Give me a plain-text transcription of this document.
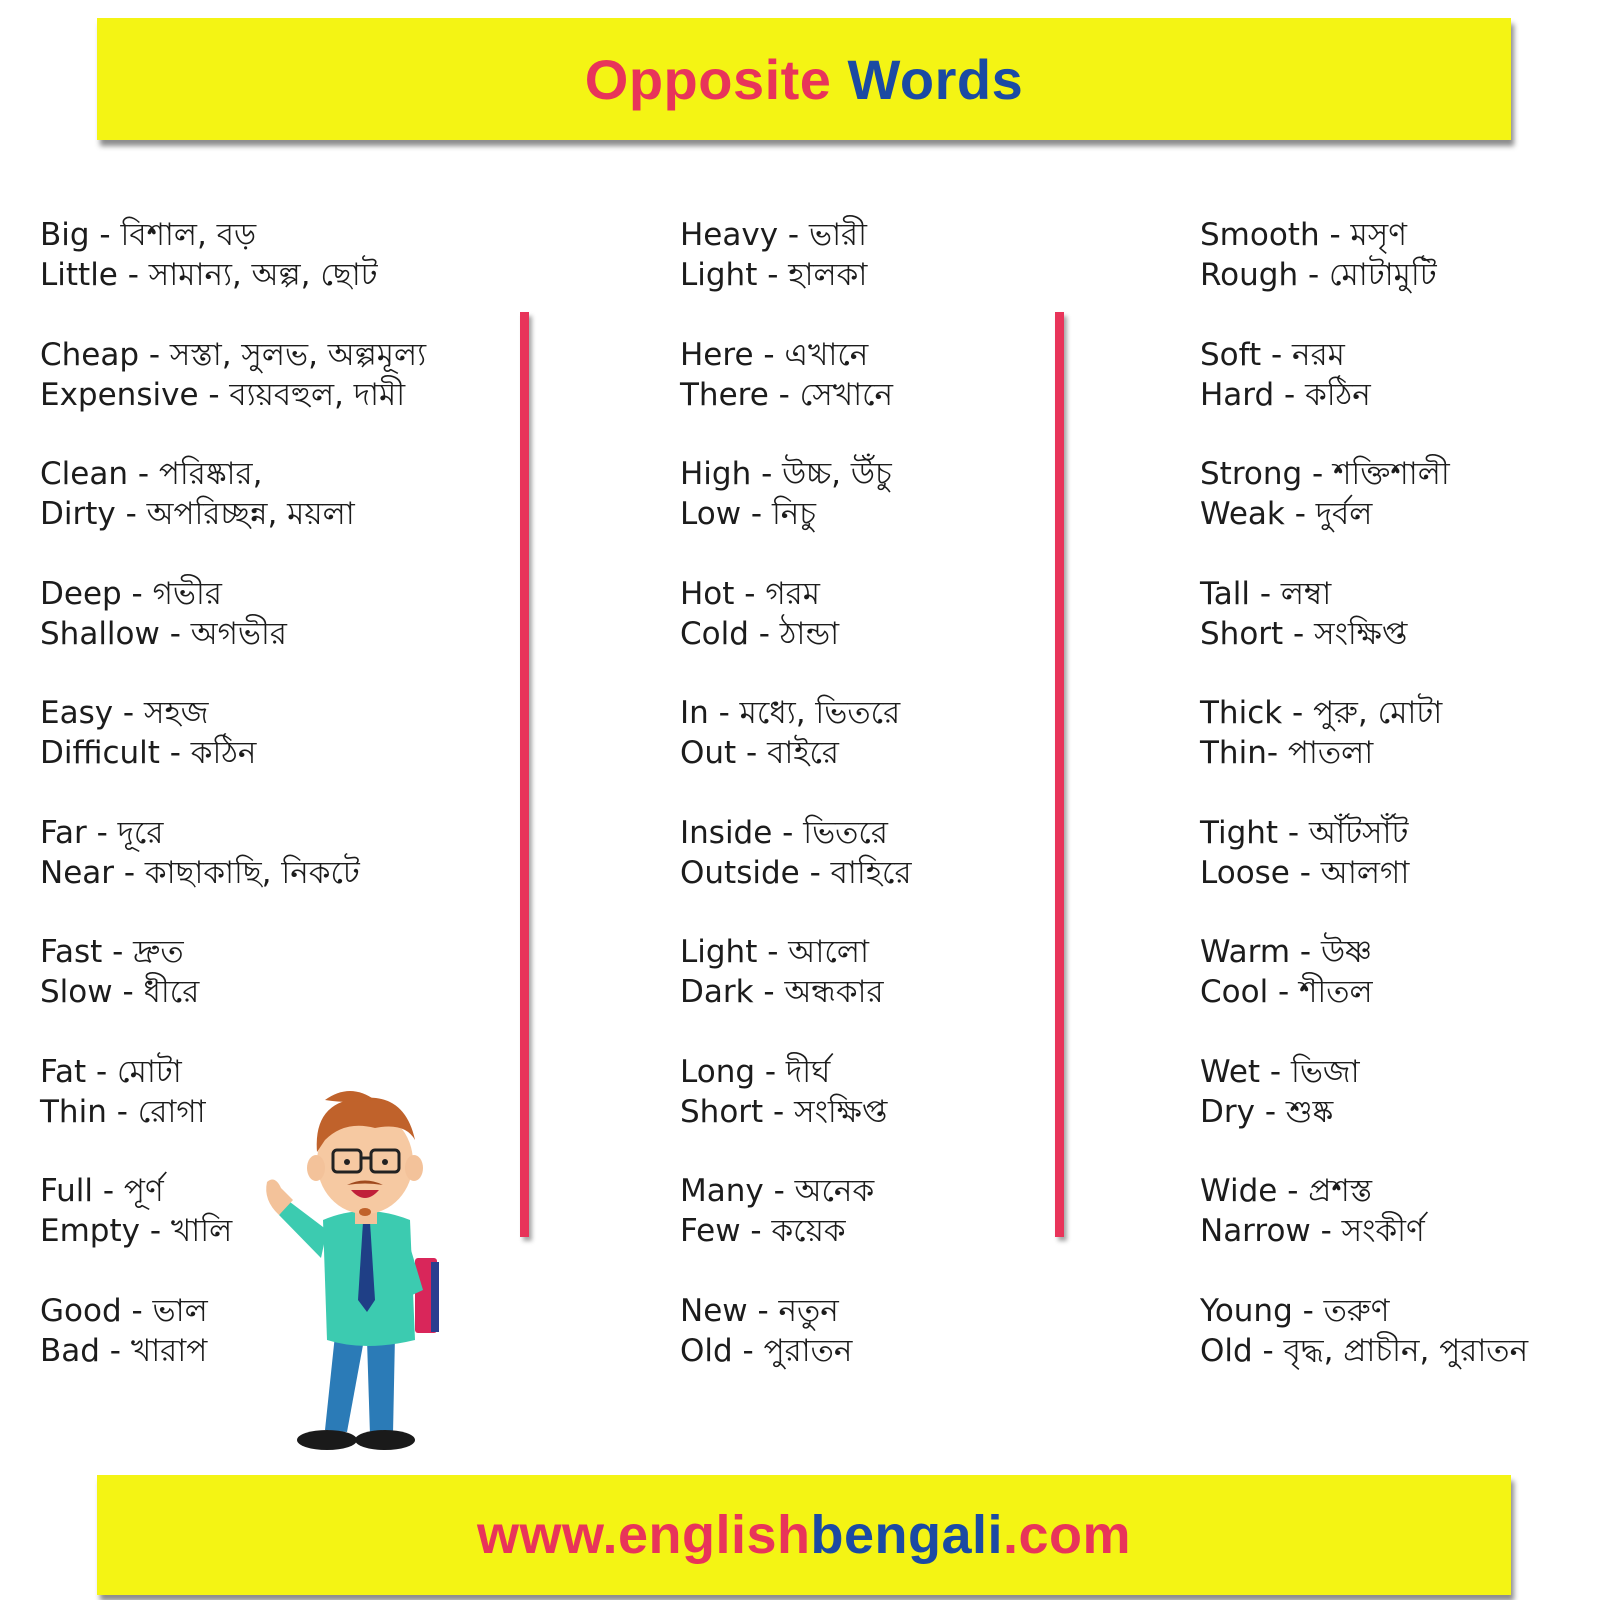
Opposite Words
Big - বিশাল, বড়
Little - সামান্য, অল্প, ছোট
Cheap - সস্তা, সুলভ, অল্পমূল্য
Expensive - ব্যয়বহুল, দামী
Clean - পরিষ্কার,
Dirty - অপরিচ্ছন্ন, ময়লা
Deep - গভীর
Shallow - অগভীর
Easy - সহজ
Difficult - কঠিন
Far - দূরে
Near - কাছাকাছি, নিকটে
Fast - দ্রুত
Slow - ধীরে
Fat - মোটা
Thin - রোগা
Full - পূর্ণ
Empty - খালি
Good - ভাল
Bad - খারাপ
Heavy - ভারী
Light - হালকা
Here - এখানে
There - সেখানে
High - উচ্চ, উঁচু
Low - নিচু
Hot - গরম
Cold - ঠান্ডা
In - মধ্যে, ভিতরে
Out - বাইরে
Inside - ভিতরে
Outside - বাহিরে
Light - আলো
Dark - অন্ধকার
Long - দীর্ঘ
Short - সংক্ষিপ্ত
Many - অনেক
Few - কয়েক
New - নতুন
Old - পুরাতন
Smooth - মসৃণ
Rough - মোটামুটি
Soft - নরম
Hard - কঠিন
Strong - শক্তিশালী
Weak - দুর্বল
Tall - লম্বা
Short - সংক্ষিপ্ত
Thick - পুরু, মোটা
Thin- পাতলা
Tight - আঁটসাঁট
Loose - আলগা
Warm - উষ্ণ
Cool - শীতল
Wet - ভিজা
Dry - শুষ্ক
Wide - প্রশস্ত
Narrow - সংকীর্ণ
Young - তরুণ
Old - বৃদ্ধ, প্রাচীন, পুরাতন
www.englishbengali.com
